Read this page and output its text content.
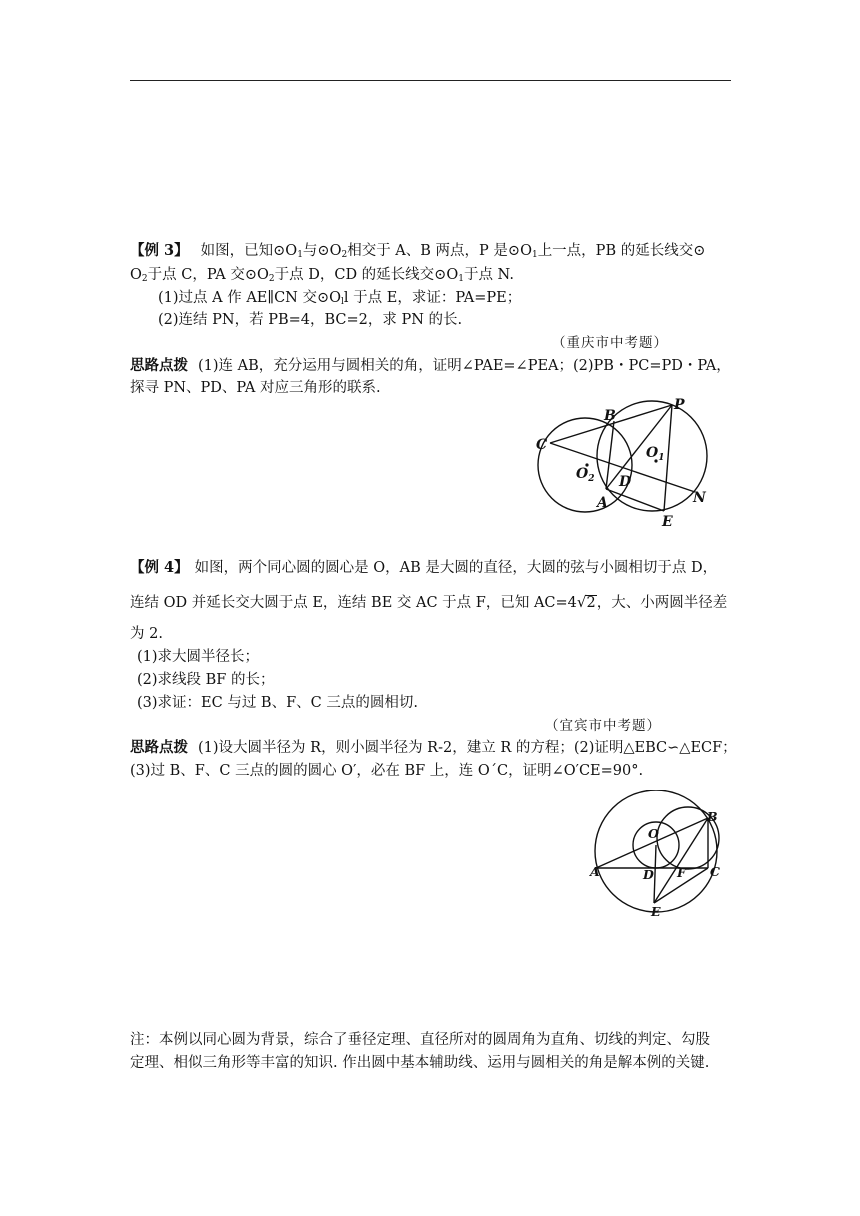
【例 3】 如图，已知$⊙O_1$与$⊙O_2$相交于 A、B 两点，P 是$⊙O_1$上一点，PB 的延长线交⊙
$O_2$于点 C，PA 交$⊙O_2$于点 D，CD 的延长线交$⊙O_1$于点 N.
(1)过点 A 作 AE∥CN 交$⊙O_ll$ 于点 E，求证：PA=PE；
(2)连结 PN，若 PB=4，BC=2，求 PN 的长.
（重庆市中考题）
思路点拨 (1)连 AB，充分运用与圆相关的角，证明∠PAE=∠PEA；(2)PB・PC=PD・PA，
探寻 PN、PD、PA 对应三角形的联系.
P
B
C	$O_1$
$O_2$ D
A	N
E
【例 4】 如图，两个同心圆的圆心是 O，AB 是大圆的直径，大圆的弦与小圆相切于点 D，
连结 OD 并延长交大圆于点 E，连结 BE 交 AC 于点 F，已知 AC=4√2，大、小两圆半径差
为 2.
(1)求大圆半径长；
(2)求线段 BF 的长；
(3)求证：EC 与过 B、F、C 三点的圆相切.
（宜宾市中考题）
思路点拨 (1)设大圆半径为 R，则小圆半径为 R-2，建立 R 的方程；(2)证明△EBC∽△ECF；
(3)过 B、F、C 三点的圆的圆心 O′，必在 BF 上，连 O´C，证明∠O′CE=90°.
O
B
A	D F C
E
注：本例以同心圆为背景，综合了垂径定理、直径所对的圆周角为直角、切线的判定、勾股
定理、相似三角形等丰富的知识. 作出圆中基本辅助线、运用与圆相关的角是解本例的关键.
